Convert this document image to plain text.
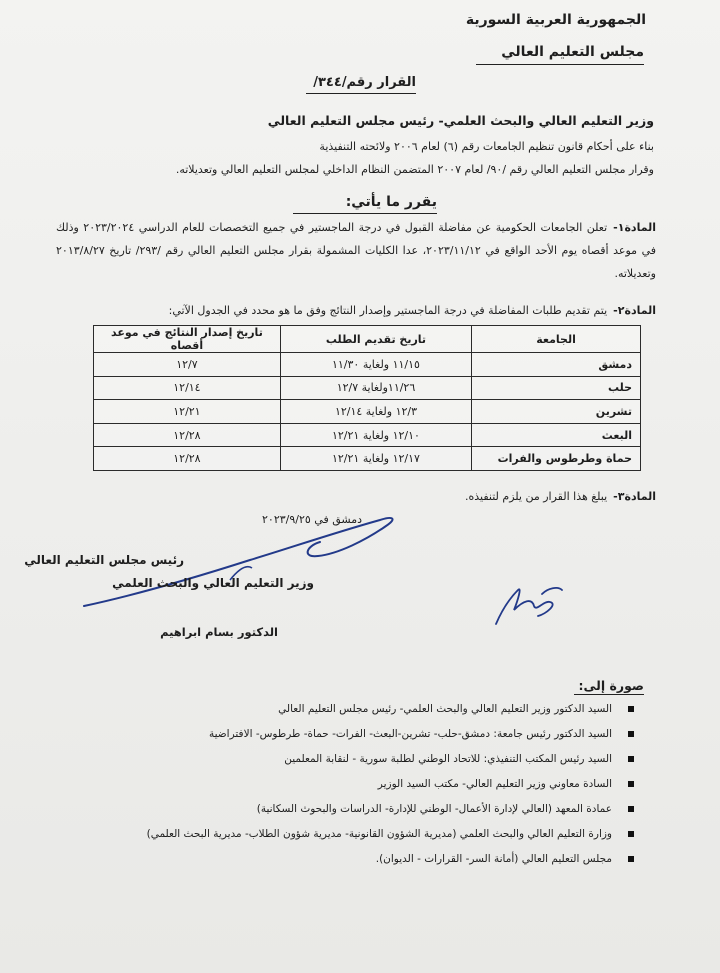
الجمهورية العربية السورية
مجلس التعليم العالي
القرار رقم/٣٤٤/
وزير التعليم العالي والبحث العلمي- رئيس مجلس التعليم العالي
بناء على أحكام قانون تنظيم الجامعات رقم (٦) لعام ٢٠٠٦ ولائحته التنفيذية
وقرار مجلس التعليم العالي رقم /٩٠/ لعام ٢٠٠٧ المتضمن النظام الداخلي لمجلس التعليم العالي وتعديلاته.
يقرر ما يأتي:
المادة١-تعلن الجامعات الحكومية عن مفاضلة القبول في درجة الماجستير في جميع التخصصات للعام الدراسي ٢٠٢٣/٢٠٢٤ وذلك في موعد أقصاه يوم الأحد الواقع في ٢٠٢٣/١١/١٢، عدا الكليات المشمولة بقرار مجلس التعليم العالي رقم /٢٩٣/ تاريخ ٢٠١٣/٨/٢٧ وتعديلاته.
المادة٢-يتم تقديم طلبات المفاضلة في درجة الماجستير وإصدار النتائج وفق ما هو محدد في الجدول الآتي:
الجامعة	تاريخ تقديم الطلب	تاريخ إصدار النتائج في موعد أقصاه
دمشق	١١/١٥ ولغاية ١١/٣٠	١٢/٧
حلب	١١/٢٦ولغاية ١٢/٧	١٢/١٤
تشرين	١٢/٣ ولغاية ١٢/١٤	١٢/٢١
البعث	١٢/١٠ ولغاية ١٢/٢١	١٢/٢٨
حماة وطرطوس والفرات	١٢/١٧ ولغاية ١٢/٢١	١٢/٢٨
المادة٣-يبلغ هذا القرار من يلزم لتنفيذه.
دمشق في ٢٠٢٣/٩/٢٥
رئيس مجلس التعليم العالي
وزير التعليم العالي والبحث العلمي
الدكتور بسام ابراهيم
صورة إلى:
السيد الدكتور وزير التعليم العالي والبحث العلمي- رئيس مجلس التعليم العالي
السيد الدكتور رئيس جامعة: دمشق-حلب- تشرين-البعث- الفرات- حماة- طرطوس- الافتراضية
السيد رئيس المكتب التنفيذي: للاتحاد الوطني لطلبة سورية - لنقابة المعلمين
السادة معاوني وزير التعليم العالي- مكتب السيد الوزير
عمادة المعهد (العالي لإدارة الأعمال- الوطني للإدارة- الدراسات والبحوث السكانية)
وزارة التعليم العالي والبحث العلمي (مديرية الشؤون القانونية- مديرية شؤون الطلاب- مديرية البحث العلمي)
مجلس التعليم العالي (أمانة السر- القرارات - الديوان).
